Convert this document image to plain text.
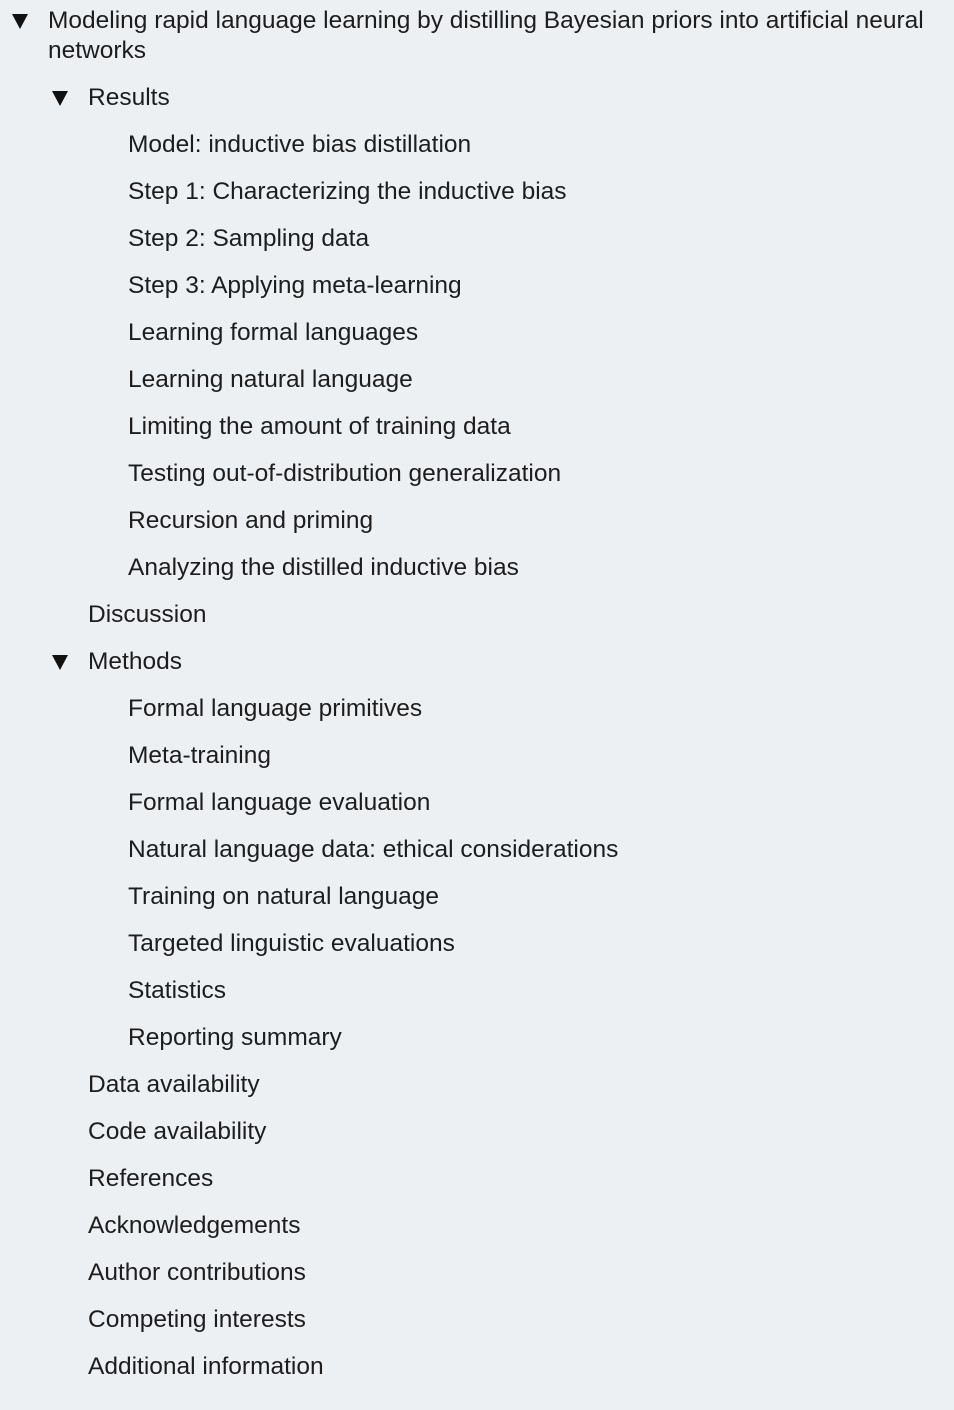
Modeling rapid language learning by distilling Bayesian priors into artificial neural networks
Results
Model: inductive bias distillation
Step 1: Characterizing the inductive bias
Step 2: Sampling data
Step 3: Applying meta-learning
Learning formal languages
Learning natural language
Limiting the amount of training data
Testing out-of-distribution generalization
Recursion and priming
Analyzing the distilled inductive bias
Discussion
Methods
Formal language primitives
Meta-training
Formal language evaluation
Natural language data: ethical considerations
Training on natural language
Targeted linguistic evaluations
Statistics
Reporting summary
Data availability
Code availability
References
Acknowledgements
Author contributions
Competing interests
Additional information
